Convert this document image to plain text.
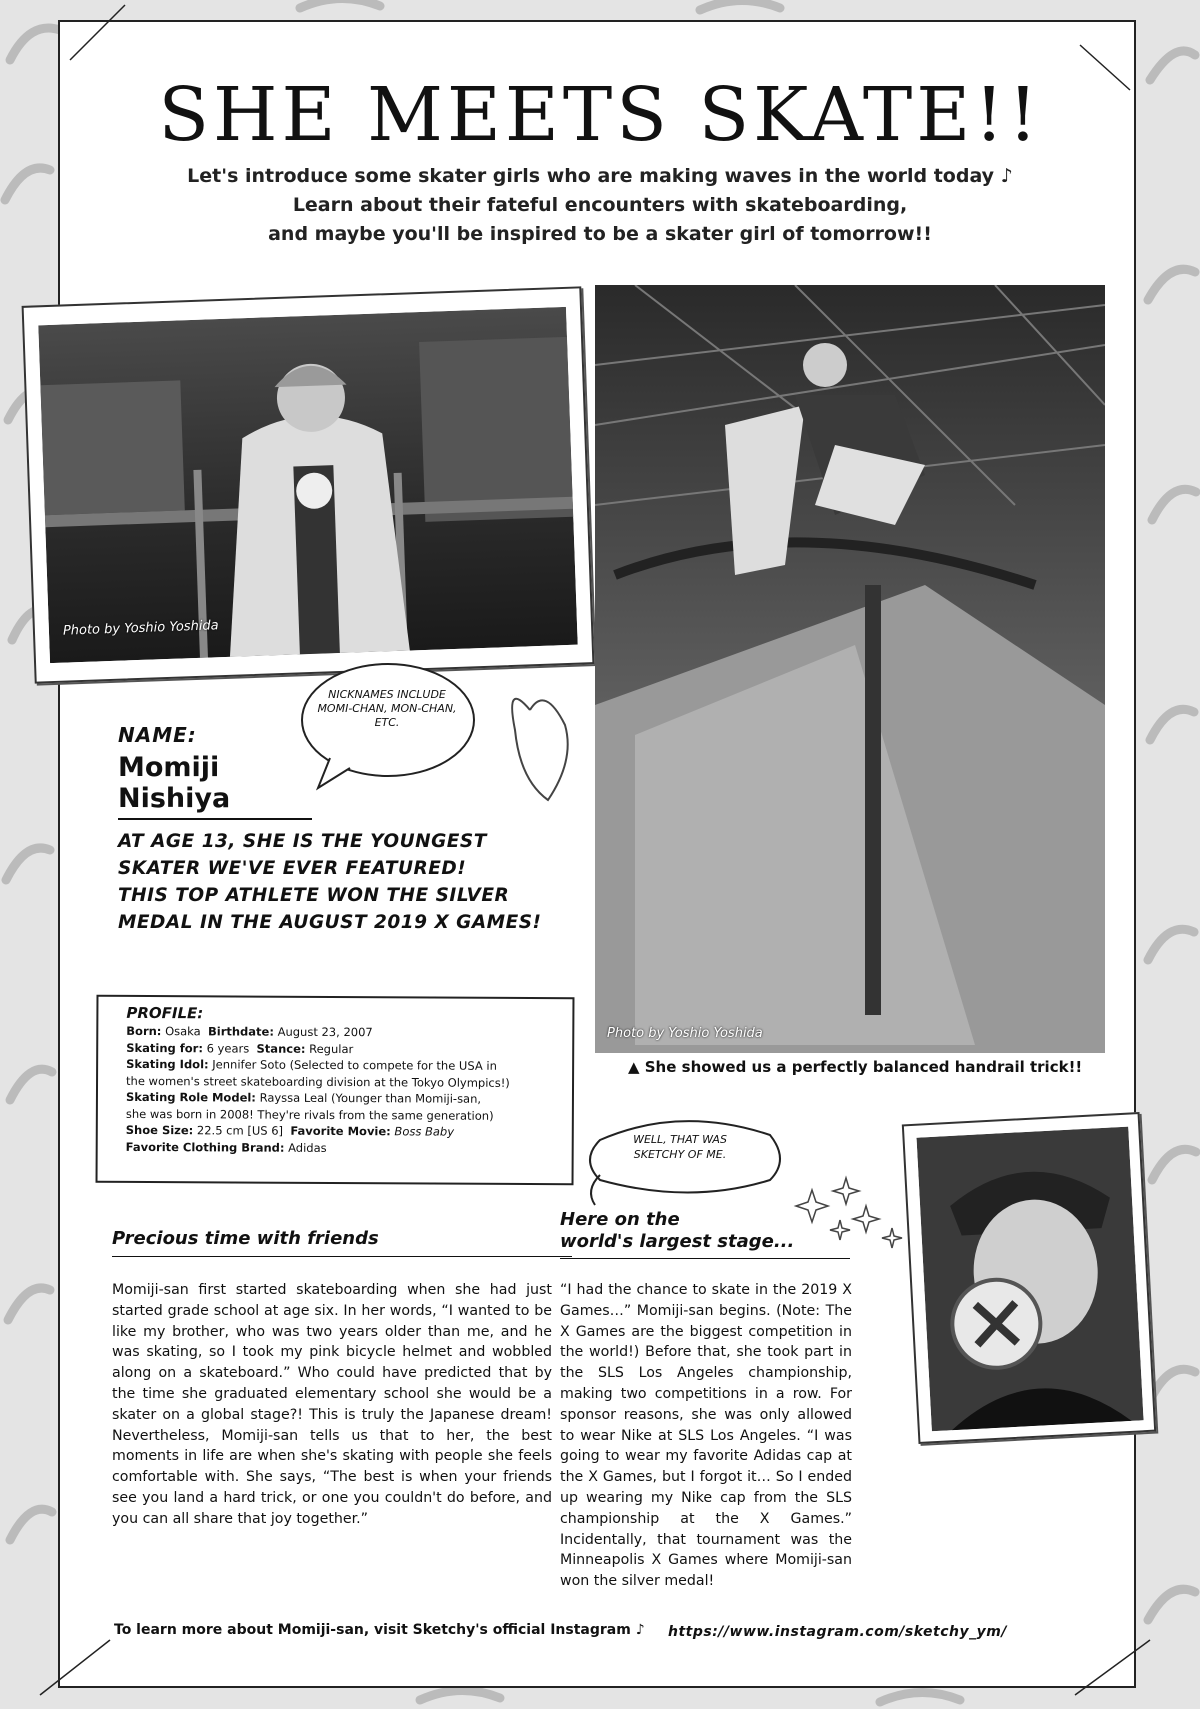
SHE MEETS SKATE!!
Let's introduce some skater girls who are making waves in the world today ♪
Learn about their fateful encounters with skateboarding,
and maybe you'll be inspired to be a skater girl of tomorrow!!
Photo by Yoshio Yoshida
Photo by Yoshio Yoshida
▲ She showed us a perfectly balanced handrail trick!!
NICKNAMES INCLUDE MOMI-CHAN, MON-CHAN, ETC.
NAME:
Momiji Nishiya
AT AGE 13, SHE IS THE YOUNGEST
SKATER WE'VE EVER FEATURED!
THIS TOP ATHLETE WON THE SILVER
MEDAL IN THE AUGUST 2019 X GAMES!
PROFILE:
Born: Osaka Birthdate: August 23, 2007
Skating for: 6 years Stance: Regular
Skating Idol: Jennifer Soto (Selected to compete for the USA in
the women's street skateboarding division at the Tokyo Olympics!)
Skating Role Model: Rayssa Leal (Younger than Momiji-san,
she was born in 2008! They're rivals from the same generation)
Shoe Size: 22.5 cm [US 6] Favorite Movie: Boss Baby
Favorite Clothing Brand: Adidas
WELL, THAT WAS SKETCHY OF ME.
Precious time with friends
Momiji-san first started skateboarding when she had just started grade school at age six. In her words, “I wanted to be like my brother, who was two years older than me, and he was skating, so I took my pink bicycle helmet and wobbled along on a skateboard.” Who could have predicted that by the time she graduated elementary school she would be a skater on a global stage?! This is truly the Japanese dream! Nevertheless, Momiji-san tells us that to her, the best moments in life are when she's skating with people she feels comfortable with. She says, “The best is when your friends see you land a hard trick, or one you couldn't do before, and you can all share that joy together.”
Here on the
world's largest stage...
“I had the chance to skate in the 2019 X Games…” Momiji-san begins. (Note: The X Games are the biggest competition in the world!) Before that, she took part in the SLS Los Angeles championship, making two competitions in a row. For sponsor reasons, she was only allowed to wear Nike at SLS Los Angeles. “I was going to wear my favorite Adidas cap at the X Games, but I forgot it… So I ended up wearing my Nike cap from the SLS championship at the X Games.” Incidentally, that tournament was the Minneapolis X Games where Momiji-san won the silver medal!
To learn more about Momiji-san, visit Sketchy's official Instagram ♪ https://www.instagram.com/sketchy_ym/
